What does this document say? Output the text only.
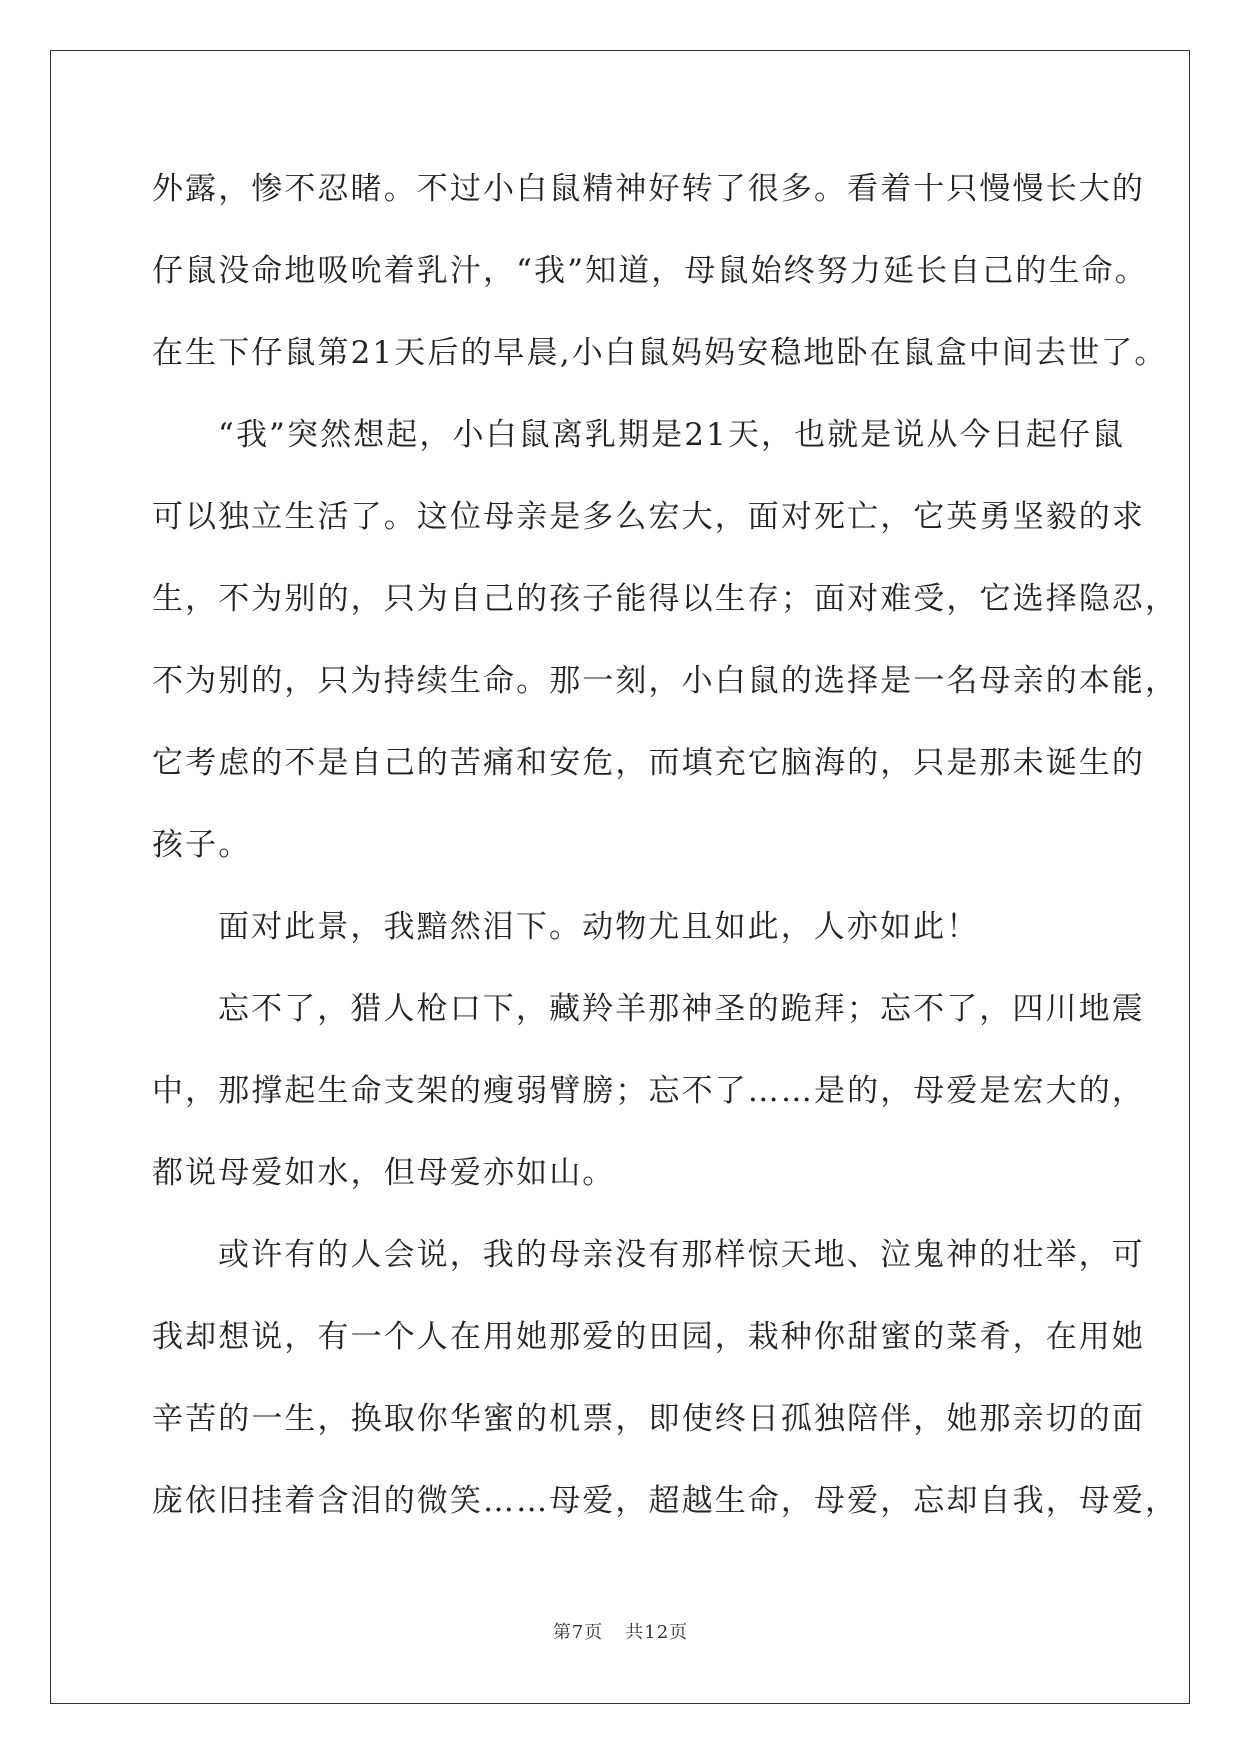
外露，惨不忍睹。不过小白鼠精神好转了很多。看着十只慢慢长大的
仔鼠没命地吸吮着乳汁，“我”知道，母鼠始终努力延长自己的生命。
在生下仔鼠第21天后的早晨,小白鼠妈妈安稳地卧在鼠盒中间去世了。
“我”突然想起，小白鼠离乳期是21天，也就是说从今日起仔鼠
可以独立生活了。这位母亲是多么宏大，面对死亡，它英勇坚毅的求
生，不为别的，只为自己的孩子能得以生存；面对难受，它选择隐忍，
不为别的，只为持续生命。那一刻，小白鼠的选择是一名母亲的本能，
它考虑的不是自己的苦痛和安危，而填充它脑海的，只是那未诞生的
孩子。
面对此景，我黯然泪下。动物尤且如此，人亦如此！
忘不了，猎人枪口下，藏羚羊那神圣的跪拜；忘不了，四川地震
中，那撑起生命支架的瘦弱臂膀；忘不了……是的，母爱是宏大的，
都说母爱如水，但母爱亦如山。
或许有的人会说，我的母亲没有那样惊天地、泣鬼神的壮举，可
我却想说，有一个人在用她那爱的田园，栽种你甜蜜的菜肴，在用她
辛苦的一生，换取你华蜜的机票，即使终日孤独陪伴，她那亲切的面
庞依旧挂着含泪的微笑……母爱，超越生命，母爱，忘却自我，母爱，
第7页 共12页
